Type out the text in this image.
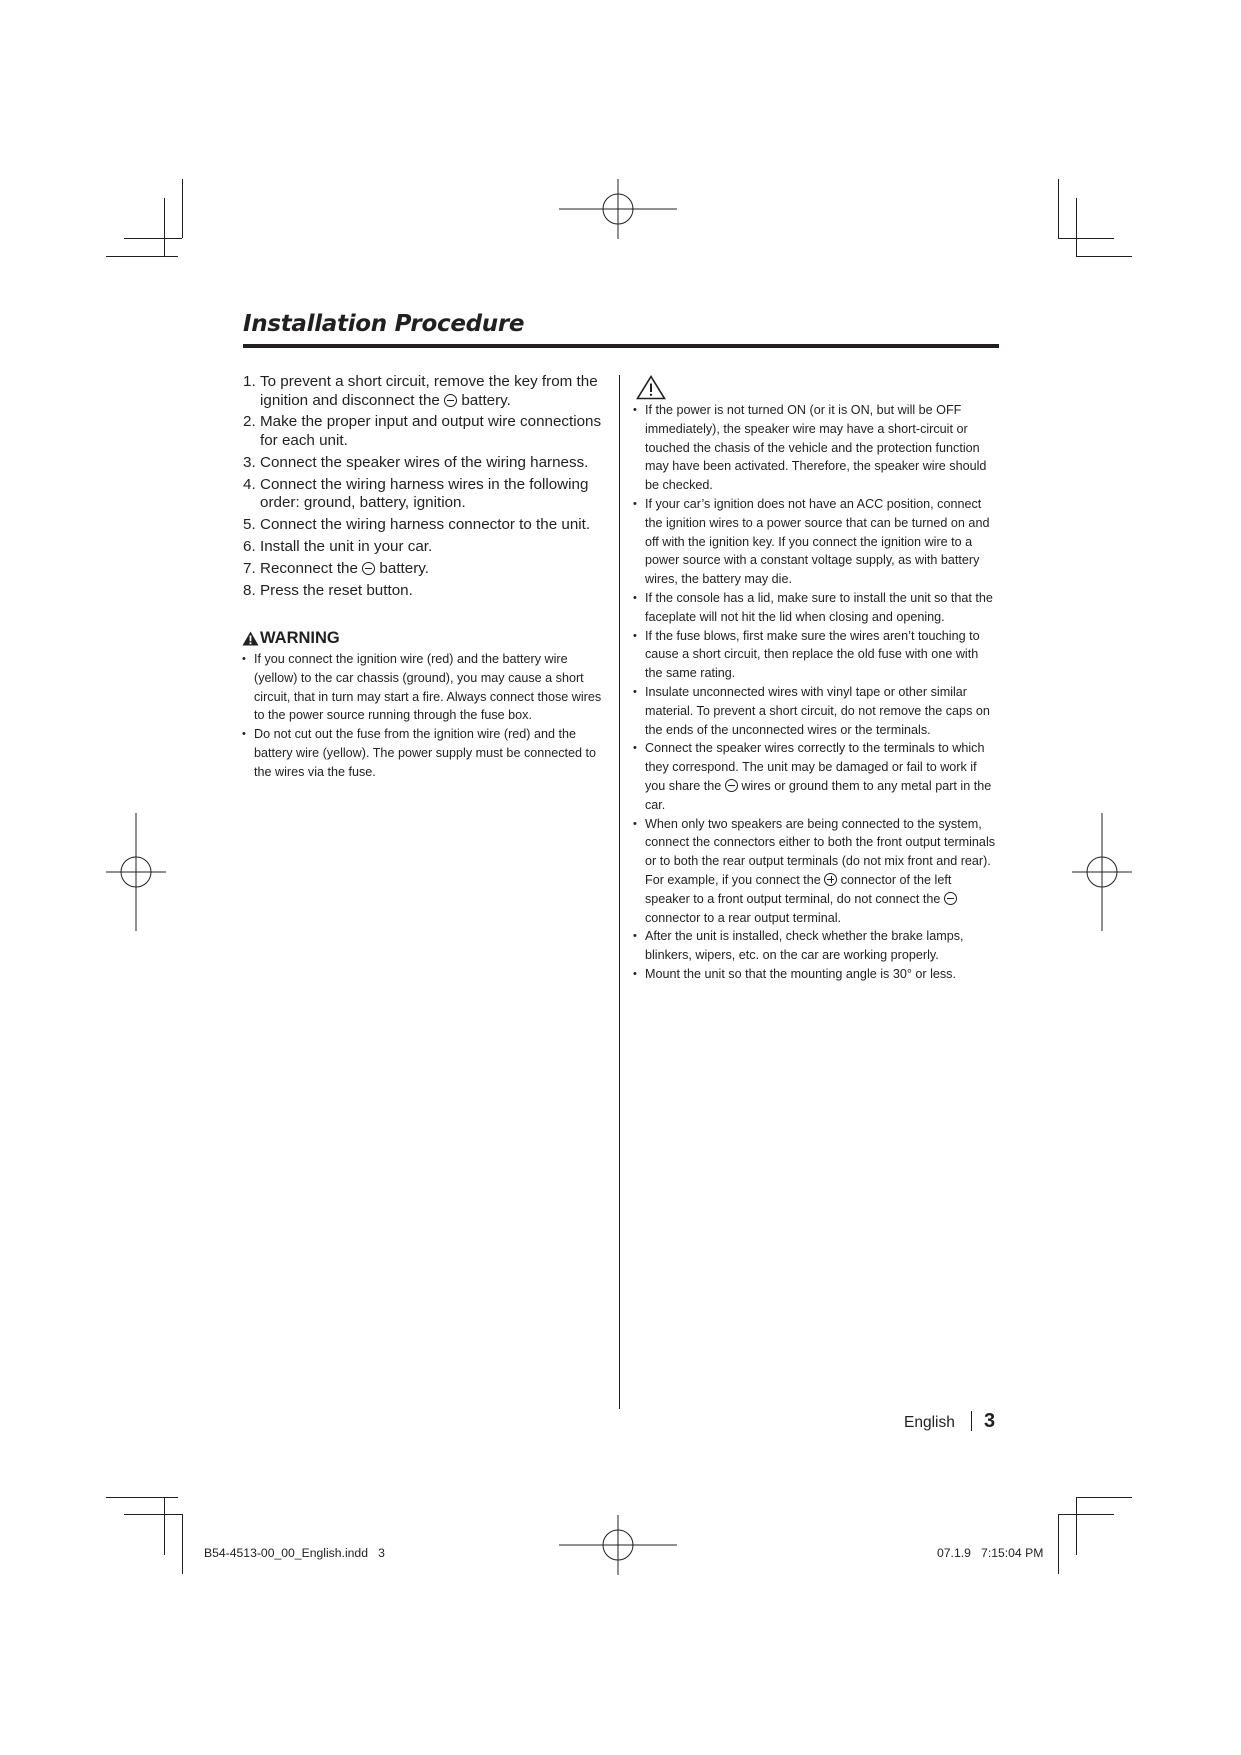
Installation Procedure
1. To prevent a short circuit, remove the key from the ignition and disconnect the battery.
2. Make the proper input and output wire connections for each unit.
3. Connect the speaker wires of the wiring harness.
4. Connect the wiring harness wires in the following order: ground, battery, ignition.
5. Connect the wiring harness connector to the unit.
6. Install the unit in your car.
7. Reconnect the battery.
8. Press the reset button.
WARNING
• If you connect the ignition wire (red) and the battery wire (yellow) to the car chassis (ground), you may cause a short circuit, that in turn may start a fire. Always connect those wires to the power source running through the fuse box.
• Do not cut out the fuse from the ignition wire (red) and the battery wire (yellow). The power supply must be connected to the wires via the fuse.
• If the power is not turned ON (or it is ON, but will be OFF immediately), the speaker wire may have a short-circuit or touched the chasis of the vehicle and the protection function may have been activated. Therefore, the speaker wire should be checked.
• If your car’s ignition does not have an ACC position, connect the ignition wires to a power source that can be turned on and off with the ignition key. If you connect the ignition wire to a power source with a constant voltage supply, as with battery wires, the battery may die.
• If the console has a lid, make sure to install the unit so that the faceplate will not hit the lid when closing and opening.
• If the fuse blows, first make sure the wires aren’t touching to cause a short circuit, then replace the old fuse with one with the same rating.
• Insulate unconnected wires with vinyl tape or other similar material. To prevent a short circuit, do not remove the caps on the ends of the unconnected wires or the terminals.
• Connect the speaker wires correctly to the terminals to which they correspond. The unit may be damaged or fail to work if you share the wires or ground them to any metal part in the car.
• When only two speakers are being connected to the system, connect the connectors either to both the front output terminals or to both the rear output terminals (do not mix front and rear). For example, if you connect the connector of the left speaker to a front output terminal, do not connect the  connector to a rear output terminal.
• After the unit is installed, check whether the brake lamps, blinkers, wipers, etc. on the car are working properly.
• Mount the unit so that the mounting angle is 30° or less.
English 3
B54-4513-00_00_English.indd   3	07.1.9   7:15:04 PM
